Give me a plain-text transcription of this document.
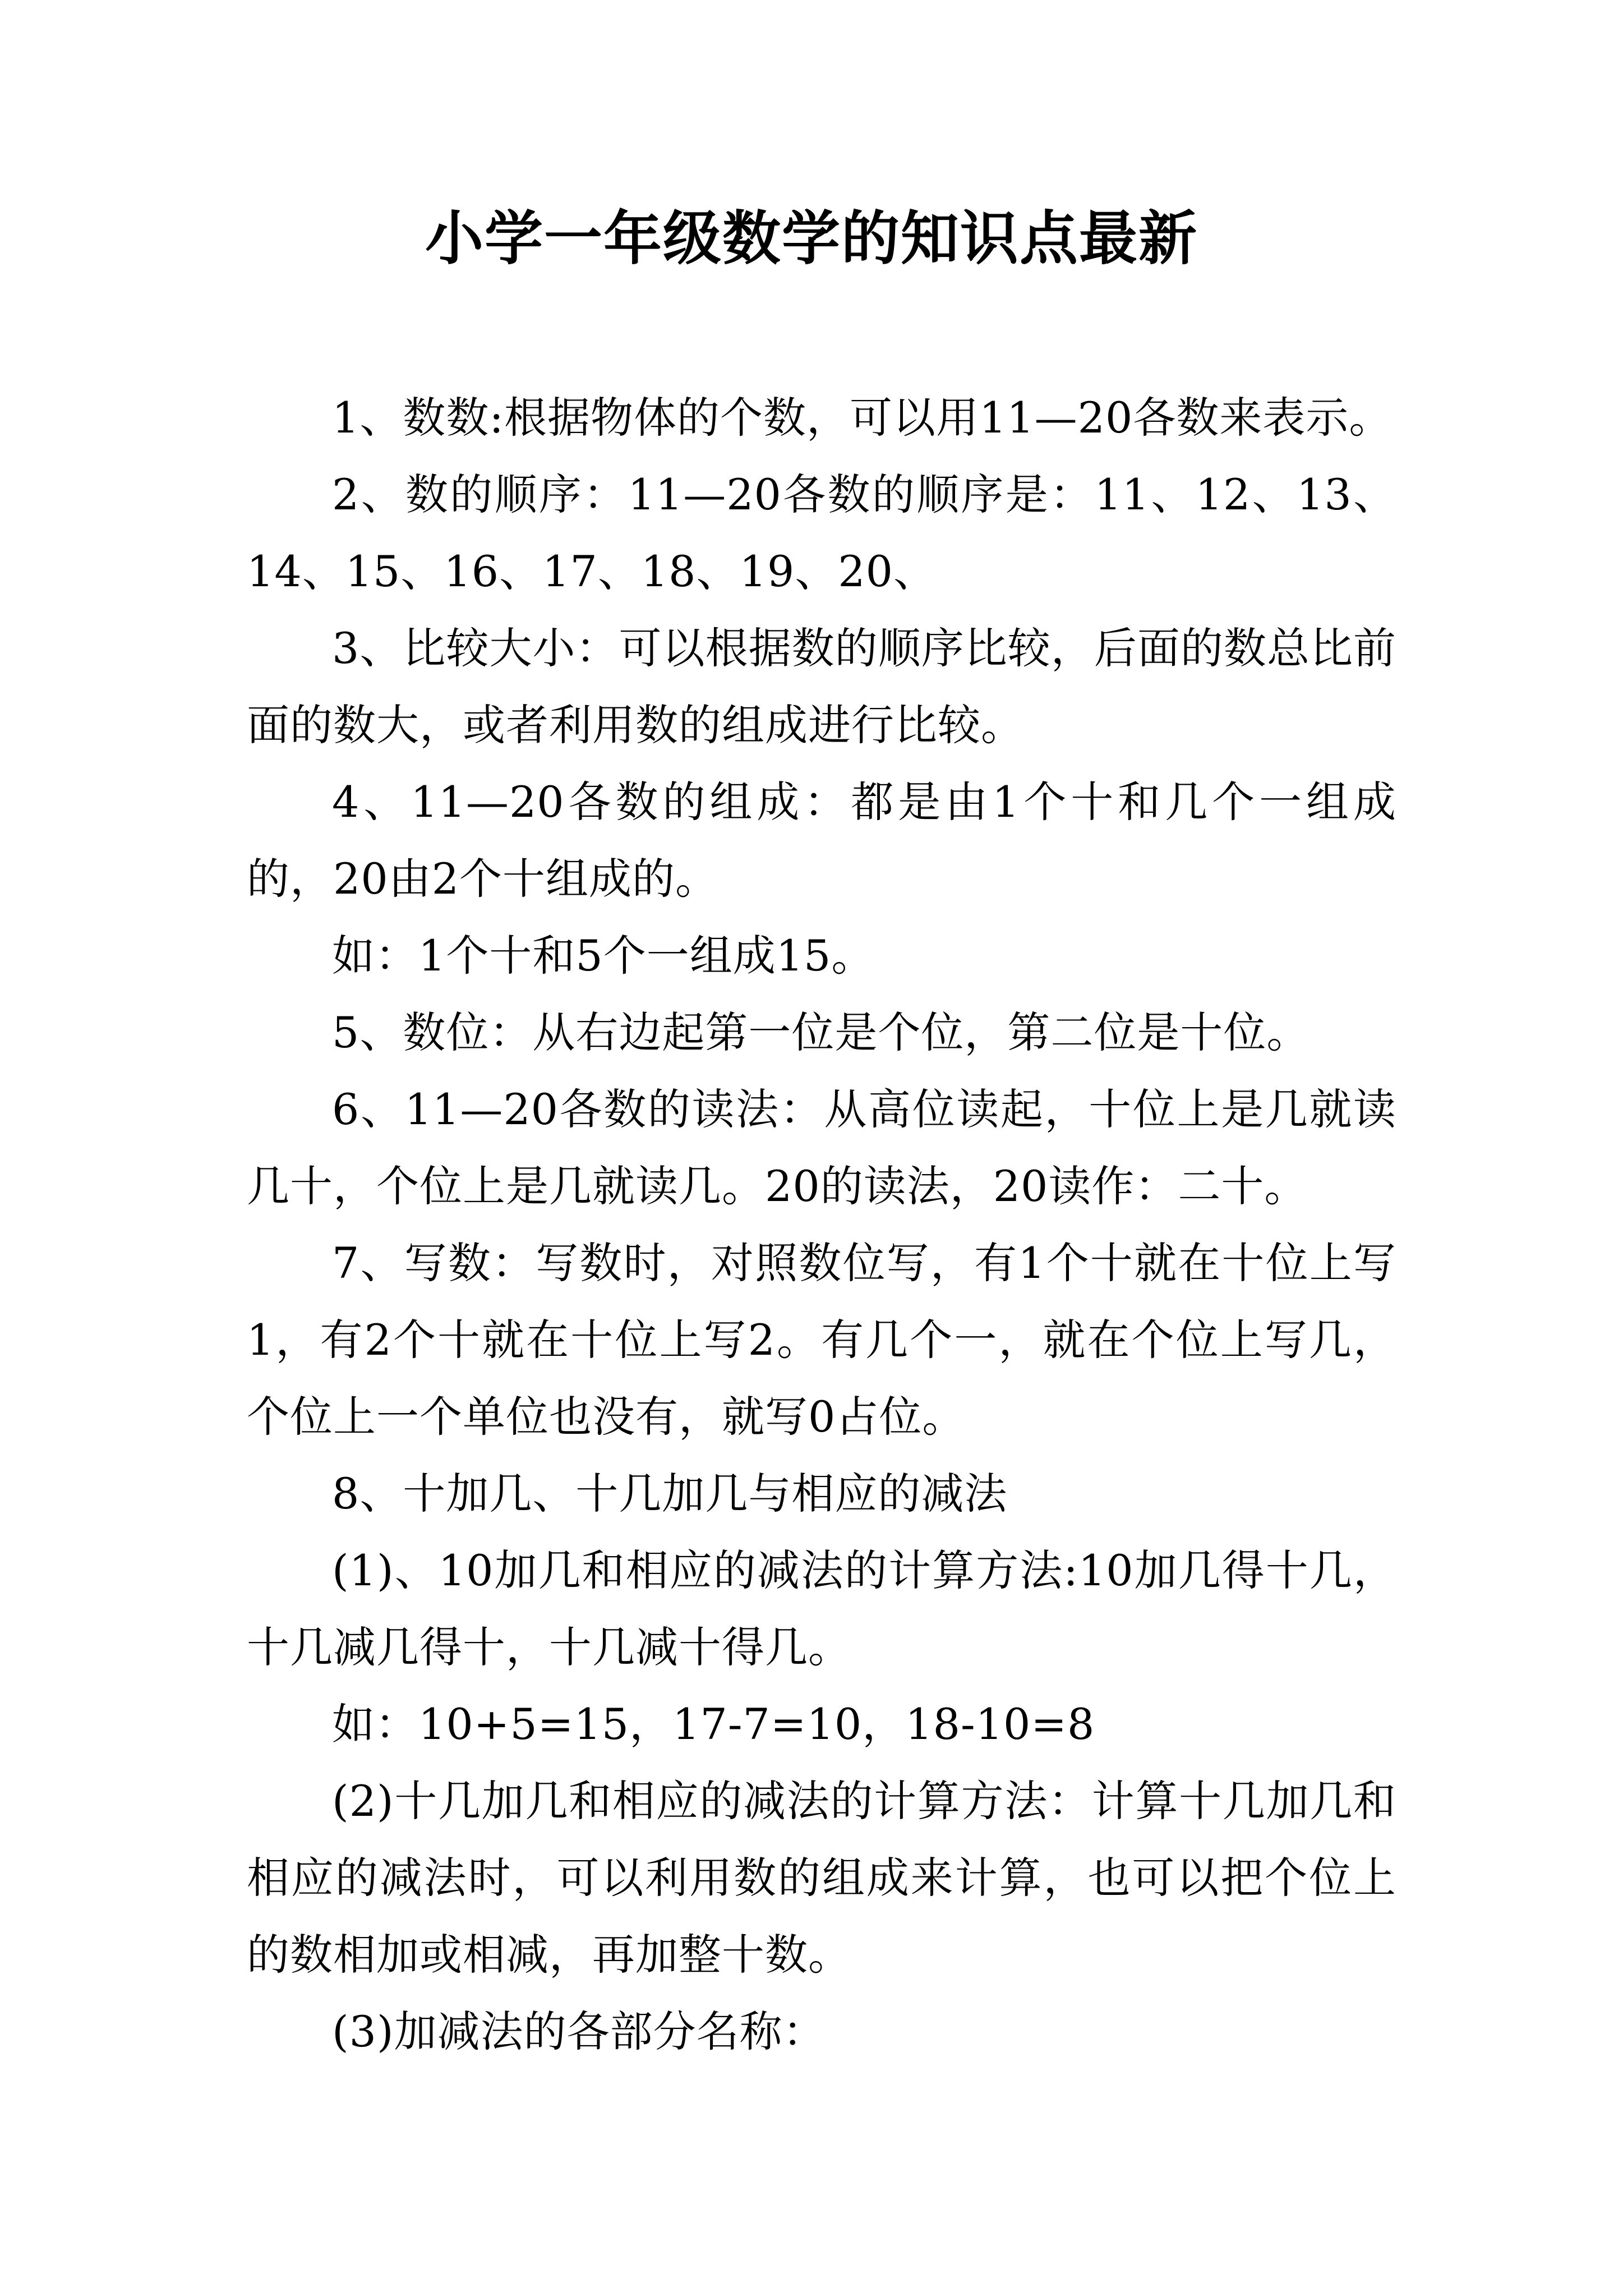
小学一年级数学的知识点最新

1、数数:根据物体的个数，可以用11—20各数来表示。

2、数的顺序：11—20各数的顺序是：11、12、13、14、15、16、17、18、19、20、

3、比较大小：可以根据数的顺序比较，后面的数总比前面的数大，或者利用数的组成进行比较。

4、11—20各数的组成：都是由1个十和几个一组成的，20由2个十组成的。

如：1个十和5个一组成15。

5、数位：从右边起第一位是个位，第二位是十位。

6、11—20各数的读法：从高位读起，十位上是几就读几十，个位上是几就读几。20的读法，20读作：二十。

7、写数：写数时，对照数位写，有1个十就在十位上写1，有2个十就在十位上写2。有几个一，就在个位上写几，个位上一个单位也没有，就写0占位。

8、十加几、十几加几与相应的减法

(1)、10加几和相应的减法的计算方法:10加几得十几，十几减几得十，十几减十得几。

如：10+5=15，17-7=10，18-10=8

(2)十几加几和相应的减法的计算方法：计算十几加几和相应的减法时，可以利用数的组成来计算，也可以把个位上的数相加或相减，再加整十数。

(3)加减法的各部分名称：
